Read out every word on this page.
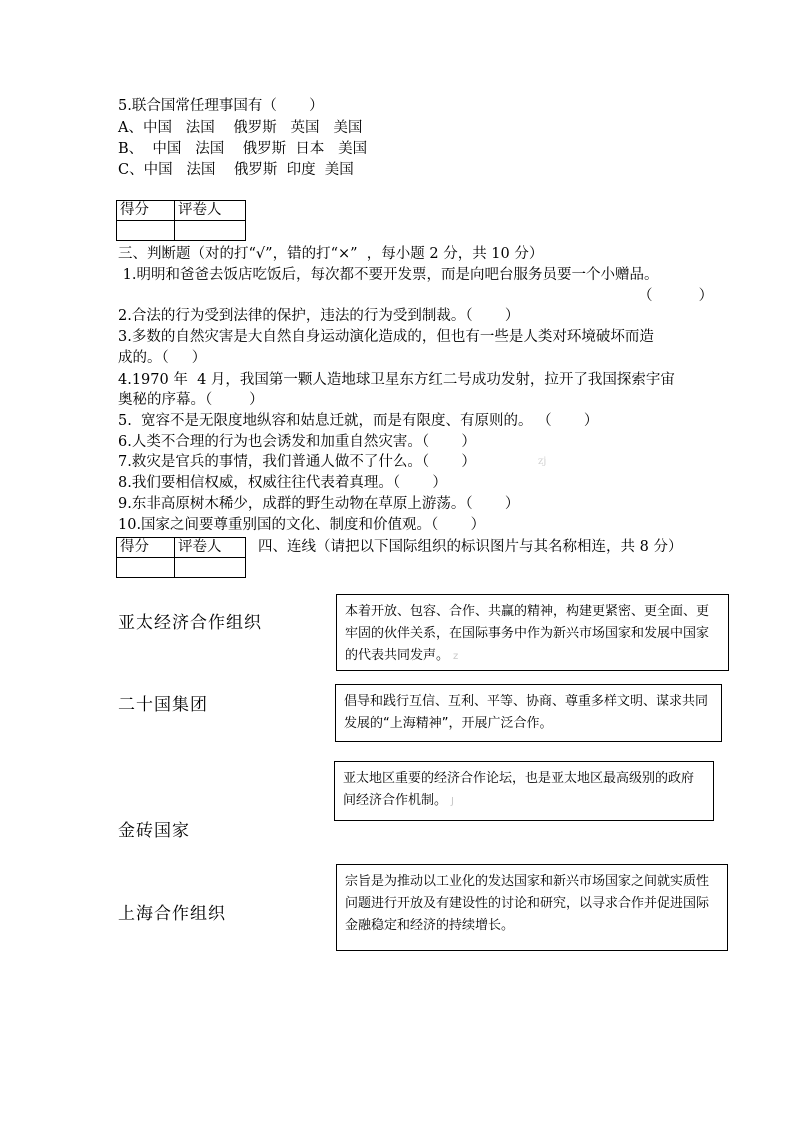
5.联合国常任理事国有（       ）
A、中国   法国    俄罗斯   英国   美国
B、  中国   法国    俄罗斯  日本   美国
C、中国   法国    俄罗斯  印度  美国
得分	评卷人

三、判断题（对的打“√”，错的打“×”  ，每小题 2 分，共 10 分）
1.明明和爸爸去饭店吃饭后，每次都不要开发票，而是向吧台服务员要一个小赠品。
（          ）
2.合法的行为受到法律的保护，违法的行为受到制裁。（       ）
3.多数的自然灾害是大自然自身运动演化造成的，但也有一些是人类对环境破坏而造
成的。（     ）
4.1970 年  4 月，我国第一颗人造地球卫星东方红二号成功发射，拉开了我国探索宇宙
奥秘的序幕。（        ）
5.  宽容不是无限度地纵容和姑息迁就，而是有限度、有原则的。 （       ）
6.人类不合理的行为也会诱发和加重自然灾害。（       ）
7.救灾是官兵的事情，我们普通人做不了什么。（       ）	zj
8.我们要相信权威，权威往往代表着真理。（       ）
9.东非高原树木稀少，成群的野生动物在草原上游荡。（       ）
10.国家之间要尊重别国的文化、制度和价值观。（       ）
得分	评卷人
		四、连线（请把以下国际组织的标识图片与其名称相连，共 8 分）
亚太经济合作组织
二十国集团
金砖国家
上海合作组织
本着开放、包容、合作、共赢的精神，构建更紧密、更全面、更牢固的伙伴关系，在国际事务中作为新兴市场国家和发展中国家的代表共同发声。 z
倡导和践行互信、互利、平等、协商、尊重多样文明、谋求共同发展的“上海精神”，开展广泛合作。
亚太地区重要的经济合作论坛，也是亚太地区最高级别的政府间经济合作机制。 J
宗旨是为推动以工业化的发达国家和新兴市场国家之间就实质性问题进行开放及有建设性的讨论和研究，以寻求合作并促进国际金融稳定和经济的持续增长。
